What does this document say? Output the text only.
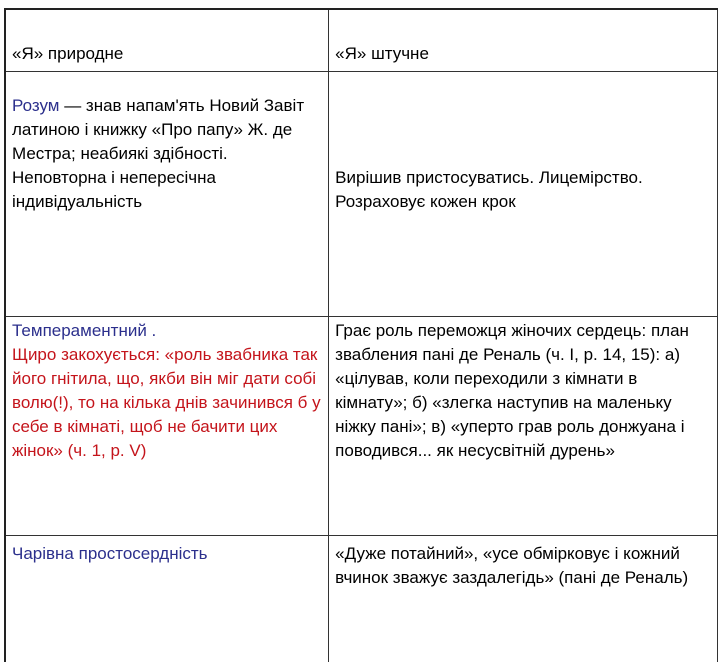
«Я» природне	«Я» штучне
Розум — знав напам'ять Новий Завіт латиною і книжку «Про папу» Ж. де Местра; неабиякі здібності. Неповторна і непересічна індивідуальність	Вирішив пристосуватись. Лицемірство. Розраховує кожен крок

Темпераментний .
Щиро закохується: «роль звабника так його гнітила, що, якби він міг дати собі волю(!), то на кілька днів зачинився б у себе в кімнаті, щоб не бачити цих жінок» (ч. 1, р. V)	Грає роль переможця жіночих сердець: план звабления пані де Реналь (ч. І, р. 14, 15): а) «цілував, коли переходили з кімнати в кімнату»; б) «злегка наступив на маленьку ніжку пані»; в) «уперто грав роль донжуана і поводився... як несусвітній дурень»
Чарівна простосердність	«Дуже потайний», «усе обмірковує і кожний вчинок зважує заздалегідь» (пані де Реналь)
